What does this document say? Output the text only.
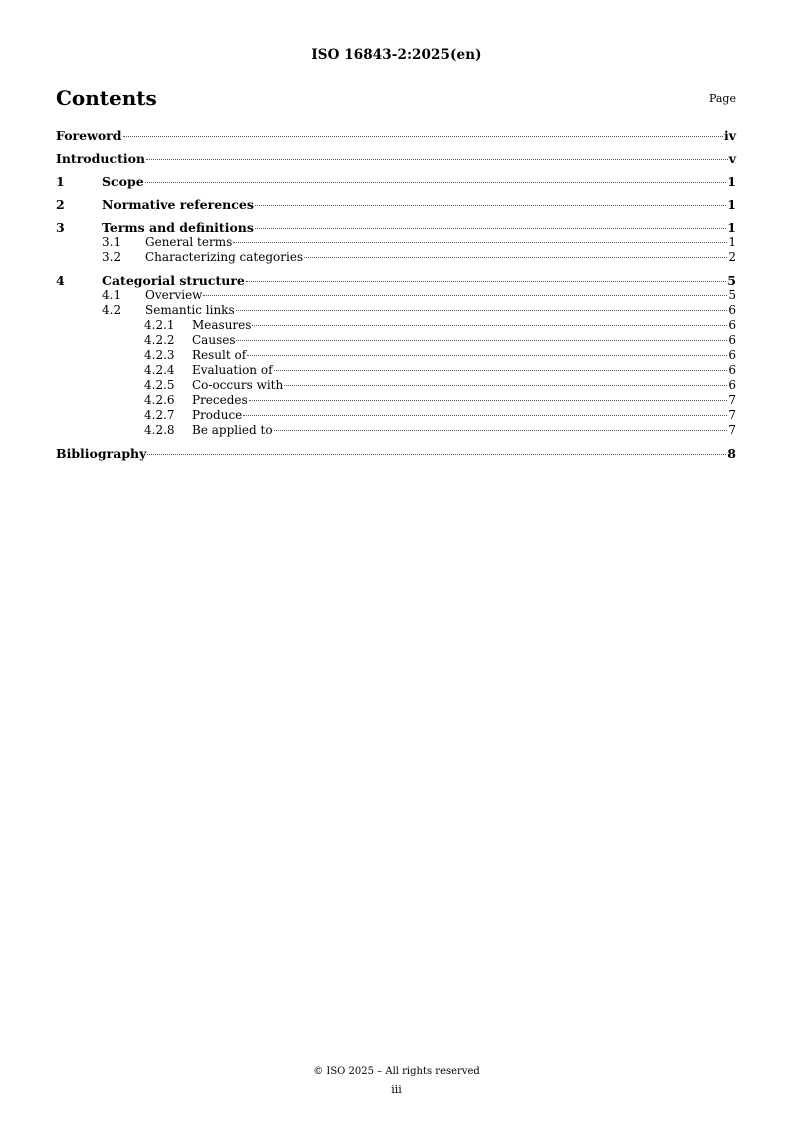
ISO 16843-2:2025(en)
Contents	Page
Foreword	iv
Introduction	v
1	Scope	1
2	Normative references	1
3	Terms and definitions	1
3.1	General terms	1
3.2	Characterizing categories	2
4	Categorial structure	5
4.1	Overview	5
4.2	Semantic links	6
4.2.1	Measures	6
4.2.2	Causes	6
4.2.3	Result of	6
4.2.4	Evaluation of	6
4.2.5	Co-occurs with	6
4.2.6	Precedes	7
4.2.7	Produce	7
4.2.8	Be applied to	7
Bibliography	8
© ISO 2025 – All rights reserved
iii
